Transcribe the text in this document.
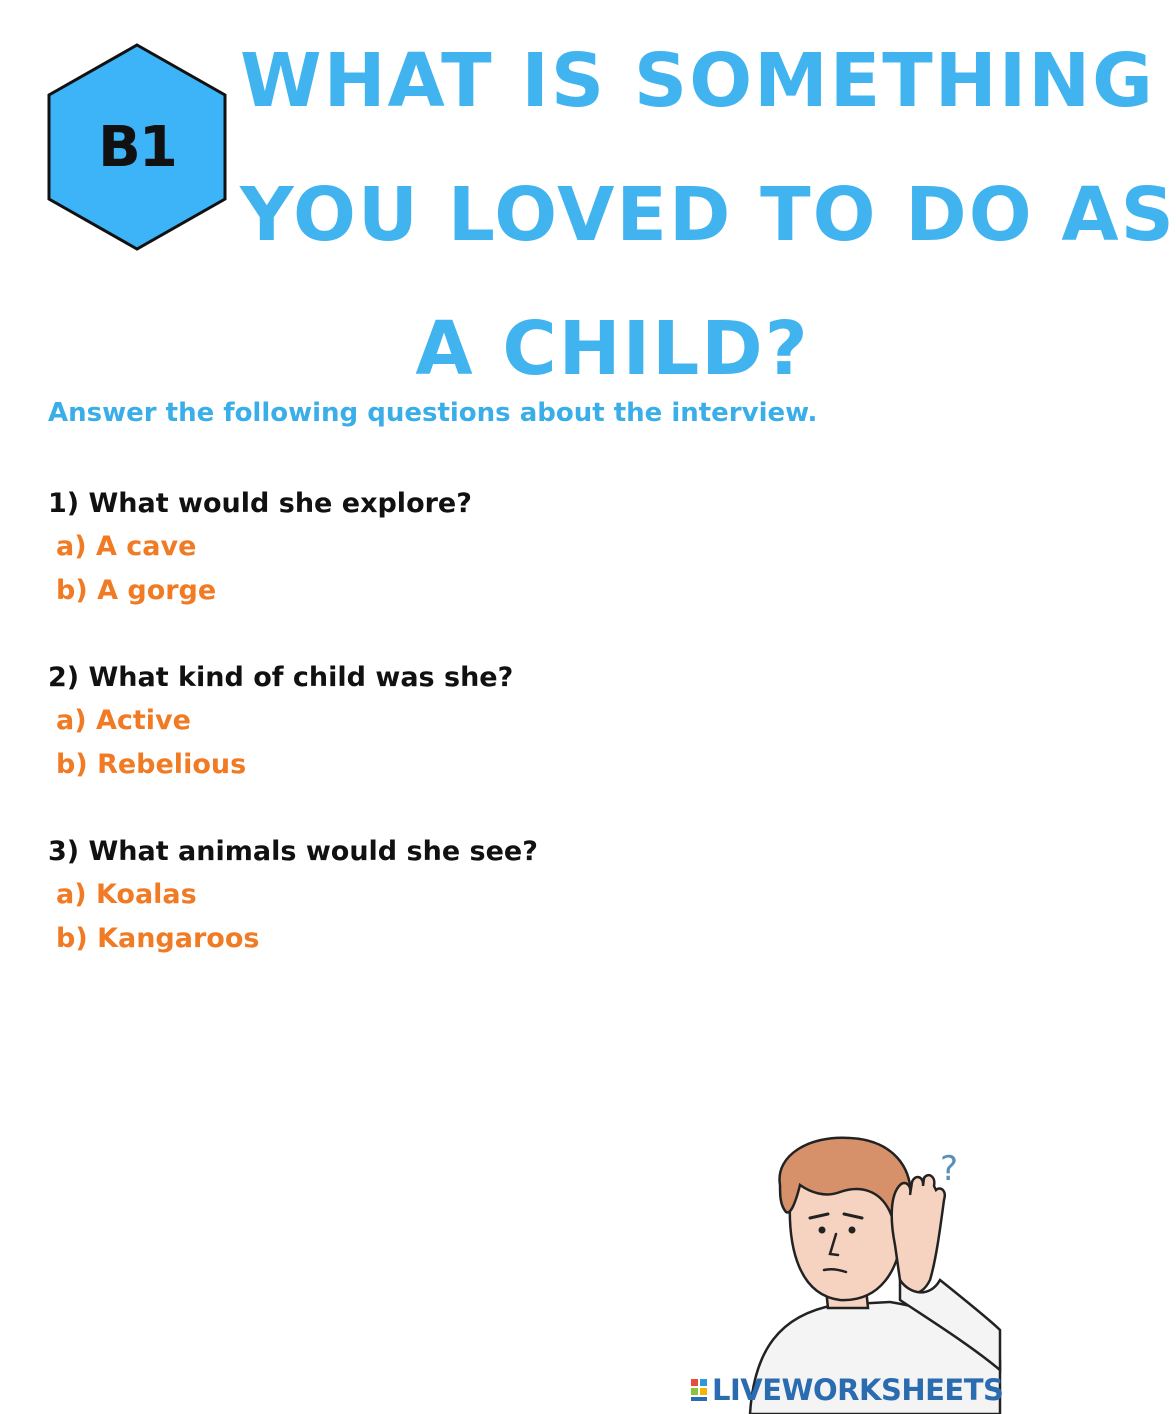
B1
WHAT IS SOMETHING
YOU LOVED TO DO AS
A CHILD?

Answer the following questions about the interview.

1) What would she explore?

a) A cave

b) A gorge

2) What kind of child was she?

a) Active

b) Rebelious

3) What animals would she see?

a) Koalas

b) Kangaroos

?
LIVEWORKSHEETS
